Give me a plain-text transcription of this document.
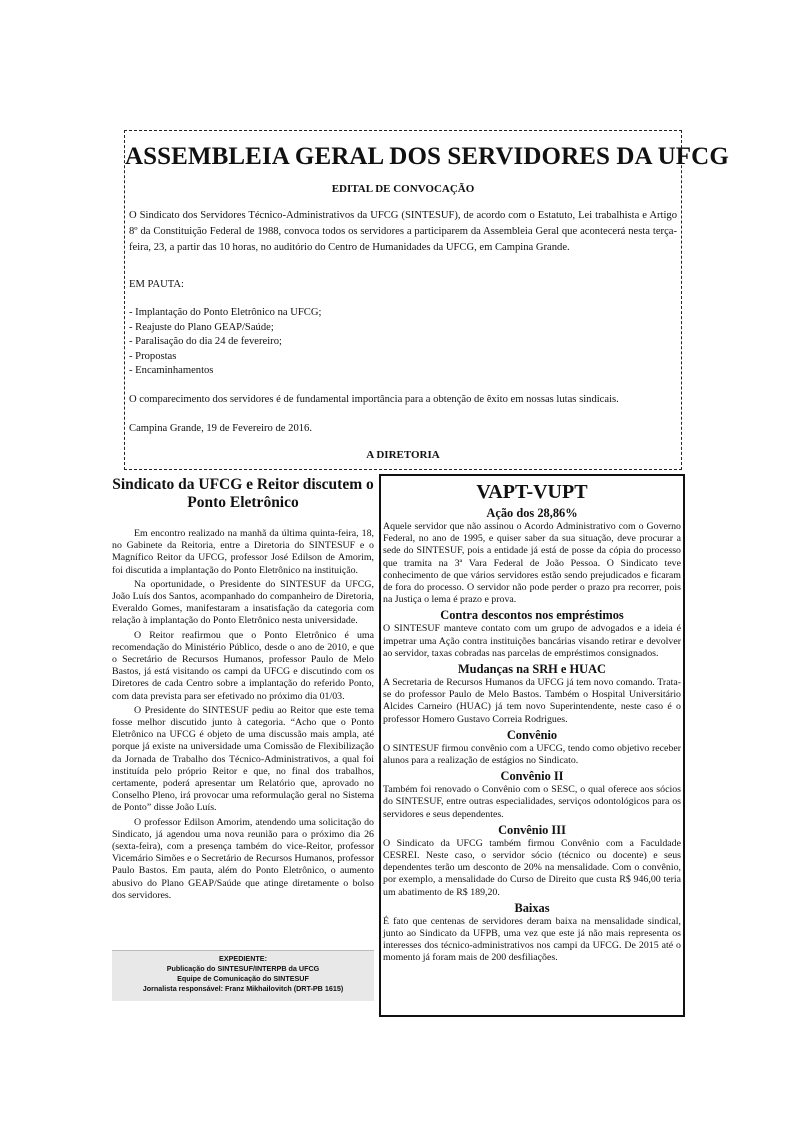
ASSEMBLEIA GERAL DOS SERVIDORES DA UFCG
EDITAL DE CONVOCAÇÃO
O Sindicato dos Servidores Técnico-Administrativos da UFCG (SINTESUF), de acordo com o Estatuto, Lei trabalhista e Artigo 8º da Constituição Federal de 1988, convoca todos os servidores a participarem da Assembleia Geral que acontecerá nesta terça-feira, 23, a partir das 10 horas, no auditório do Centro de Humanidades da UFCG, em Campina Grande.
EM PAUTA:
- Implantação do Ponto Eletrônico na UFCG;
- Reajuste do Plano GEAP/Saúde;
- Paralisação do dia 24 de fevereiro;
- Propostas
- Encaminhamentos
O comparecimento dos servidores é de fundamental importância para a obtenção de êxito em nossas lutas sindicais.
Campina Grande, 19 de Fevereiro de 2016.
A DIRETORIA
Sindicato da UFCG e Reitor discutem o Ponto Eletrônico

Em encontro realizado na manhã da última quinta-feira, 18, no Gabinete da Reitoria, entre a Diretoria do SINTESUF e o Magnífico Reitor da UFCG, professor José Edilson de Amorim, foi discutida a implantação do Ponto Eletrônico na instituição.

Na oportunidade, o Presidente do SINTESUF da UFCG, João Luís dos Santos, acompanhado do companheiro de Diretoria, Everaldo Gomes, manifestaram a insatisfação da categoria com relação à implantação do Ponto Eletrônico nesta universidade.

O Reitor reafirmou que o Ponto Eletrônico é uma recomendação do Ministério Público, desde o ano de 2010, e que o Secretário de Recursos Humanos, professor Paulo de Melo Bastos, já está visitando os campi da UFCG e discutindo com os Diretores de cada Centro sobre a implantação do referido Ponto, com data prevista para ser efetivado no próximo dia 01/03.

O Presidente do SINTESUF pediu ao Reitor que este tema fosse melhor discutido junto à categoria. “Acho que o Ponto Eletrônico na UFCG é objeto de uma discussão mais ampla, até porque já existe na universidade uma Comissão de Flexibilização da Jornada de Trabalho dos Técnico-Administrativos, a qual foi instituída pelo próprio Reitor e que, no final dos trabalhos, certamente, poderá apresentar um Relatório que, aprovado no Conselho Pleno, irá provocar uma reformulação geral no Sistema de Ponto” disse João Luís.

O professor Edilson Amorim, atendendo uma solicitação do Sindicato, já agendou uma nova reunião para o próximo dia 26 (sexta-feira), com a presença também do vice-Reitor, professor Vicemário Simões e o Secretário de Recursos Humanos, professor Paulo Bastos. Em pauta, além do Ponto Eletrônico, o aumento abusivo do Plano GEAP/Saúde que atinge diretamente o bolso dos servidores.

EXPEDIENTE:
Publicação do SINTESUF/INTERPB da UFCG
Equipe de Comunicação do SINTESUF
Jornalista responsável: Franz Mikhailovitch (DRT-PB 1615)
VAPT-VUPT
Ação dos 28,86%
Aquele servidor que não assinou o Acordo Administrativo com o Governo Federal, no ano de 1995, e quiser saber da sua situação, deve procurar a sede do SINTESUF, pois a entidade já está de posse da cópia do processo que tramita na 3ª Vara Federal de João Pessoa. O Sindicato teve conhecimento de que vários servidores estão sendo prejudicados e ficaram de fora do processo. O servidor não pode perder o prazo pra recorrer, pois na Justiça o lema é prazo e prova.
Contra descontos nos empréstimos
O SINTESUF manteve contato com um grupo de advogados e a ideia é impetrar uma Ação contra instituições bancárias visando retirar e devolver ao servidor, taxas cobradas nas parcelas de empréstimos consignados.
Mudanças na SRH e HUAC
A Secretaria de Recursos Humanos da UFCG já tem novo comando. Trata-se do professor Paulo de Melo Bastos. Também o Hospital Universitário Alcides Carneiro (HUAC) já tem novo Superintendente, neste caso é o professor Homero Gustavo Correia Rodrigues.
Convênio
O SINTESUF firmou convênio com a UFCG, tendo como objetivo receber alunos para a realização de estágios no Sindicato.
Convênio II
Também foi renovado o Convênio com o SESC, o qual oferece aos sócios do SINTESUF, entre outras especialidades, serviços odontológicos para os servidores e seus dependentes.
Convênio III
O Sindicato da UFCG também firmou Convênio com a Faculdade CESREI. Neste caso, o servidor sócio (técnico ou docente) e seus dependentes terão um desconto de 20% na mensalidade. Com o convênio, por exemplo, a mensalidade do Curso de Direito que custa R$ 946,00 teria um abatimento de R$ 189,20.
Baixas
É fato que centenas de servidores deram baixa na mensalidade sindical, junto ao Sindicato da UFPB, uma vez que este já não mais representa os interesses dos técnico-administrativos nos campi da UFCG. De 2015 até o momento já foram mais de 200 desfiliações.
